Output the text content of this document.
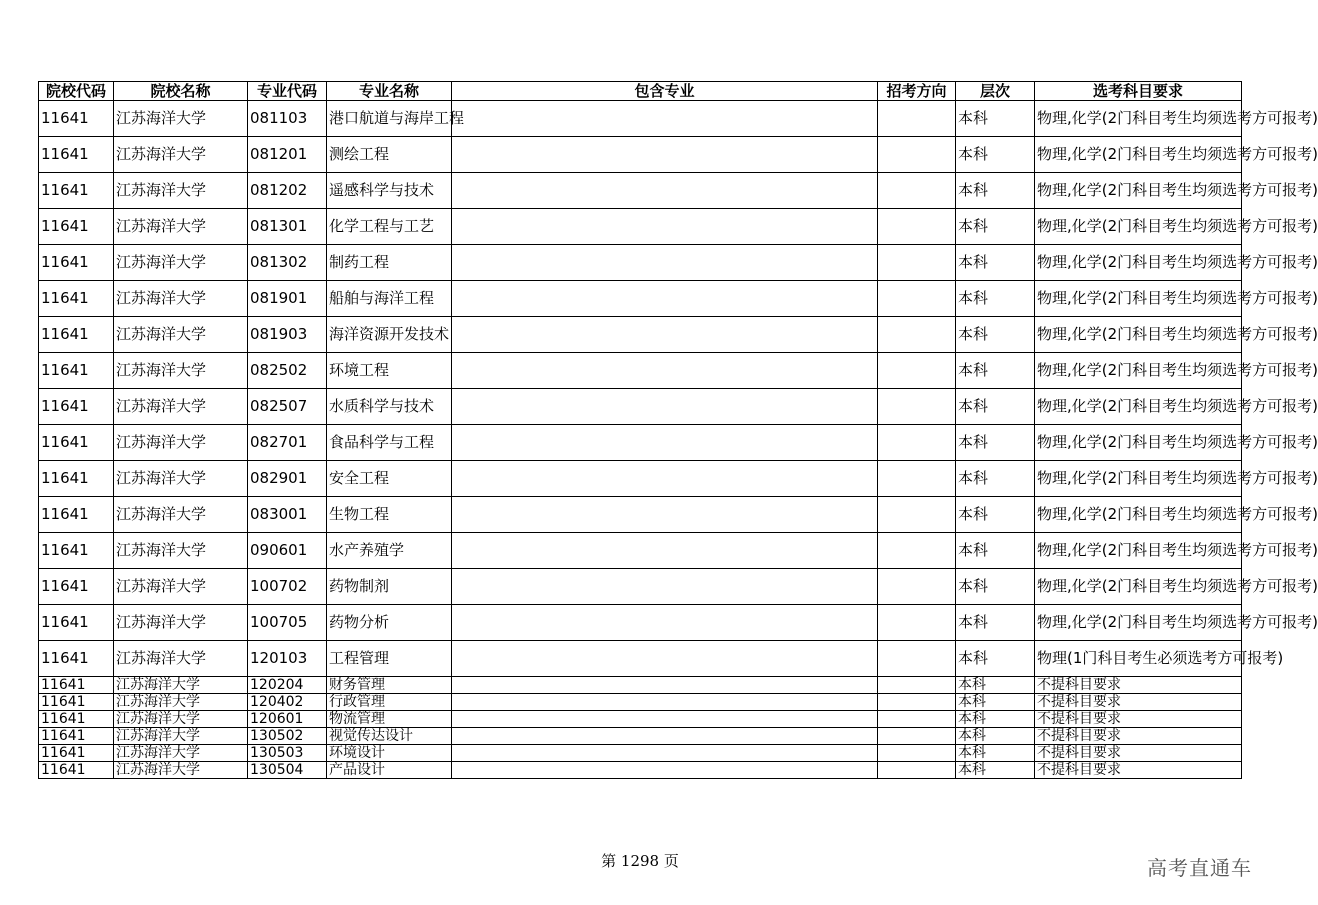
院校代码	院校名称	专业代码	专业名称	包含专业	招考方向	层次	选考科目要求
11641	江苏海洋大学	081103	港口航道与海岸工程			本科	物理,化学(2门科目考生均须选考方可报考)
11641	江苏海洋大学	081201	测绘工程			本科	物理,化学(2门科目考生均须选考方可报考)
11641	江苏海洋大学	081202	遥感科学与技术			本科	物理,化学(2门科目考生均须选考方可报考)
11641	江苏海洋大学	081301	化学工程与工艺			本科	物理,化学(2门科目考生均须选考方可报考)
11641	江苏海洋大学	081302	制药工程			本科	物理,化学(2门科目考生均须选考方可报考)
11641	江苏海洋大学	081901	船舶与海洋工程			本科	物理,化学(2门科目考生均须选考方可报考)
11641	江苏海洋大学	081903	海洋资源开发技术			本科	物理,化学(2门科目考生均须选考方可报考)
11641	江苏海洋大学	082502	环境工程			本科	物理,化学(2门科目考生均须选考方可报考)
11641	江苏海洋大学	082507	水质科学与技术			本科	物理,化学(2门科目考生均须选考方可报考)
11641	江苏海洋大学	082701	食品科学与工程			本科	物理,化学(2门科目考生均须选考方可报考)
11641	江苏海洋大学	082901	安全工程			本科	物理,化学(2门科目考生均须选考方可报考)
11641	江苏海洋大学	083001	生物工程			本科	物理,化学(2门科目考生均须选考方可报考)
11641	江苏海洋大学	090601	水产养殖学			本科	物理,化学(2门科目考生均须选考方可报考)
11641	江苏海洋大学	100702	药物制剂			本科	物理,化学(2门科目考生均须选考方可报考)
11641	江苏海洋大学	100705	药物分析			本科	物理,化学(2门科目考生均须选考方可报考)
11641	江苏海洋大学	120103	工程管理			本科	物理(1门科目考生必须选考方可报考)
11641	江苏海洋大学	120204	财务管理			本科	不提科目要求
11641	江苏海洋大学	120402	行政管理			本科	不提科目要求
11641	江苏海洋大学	120601	物流管理			本科	不提科目要求
11641	江苏海洋大学	130502	视觉传达设计			本科	不提科目要求
11641	江苏海洋大学	130503	环境设计			本科	不提科目要求
11641	江苏海洋大学	130504	产品设计			本科	不提科目要求
第 1298 页	高考直通车
